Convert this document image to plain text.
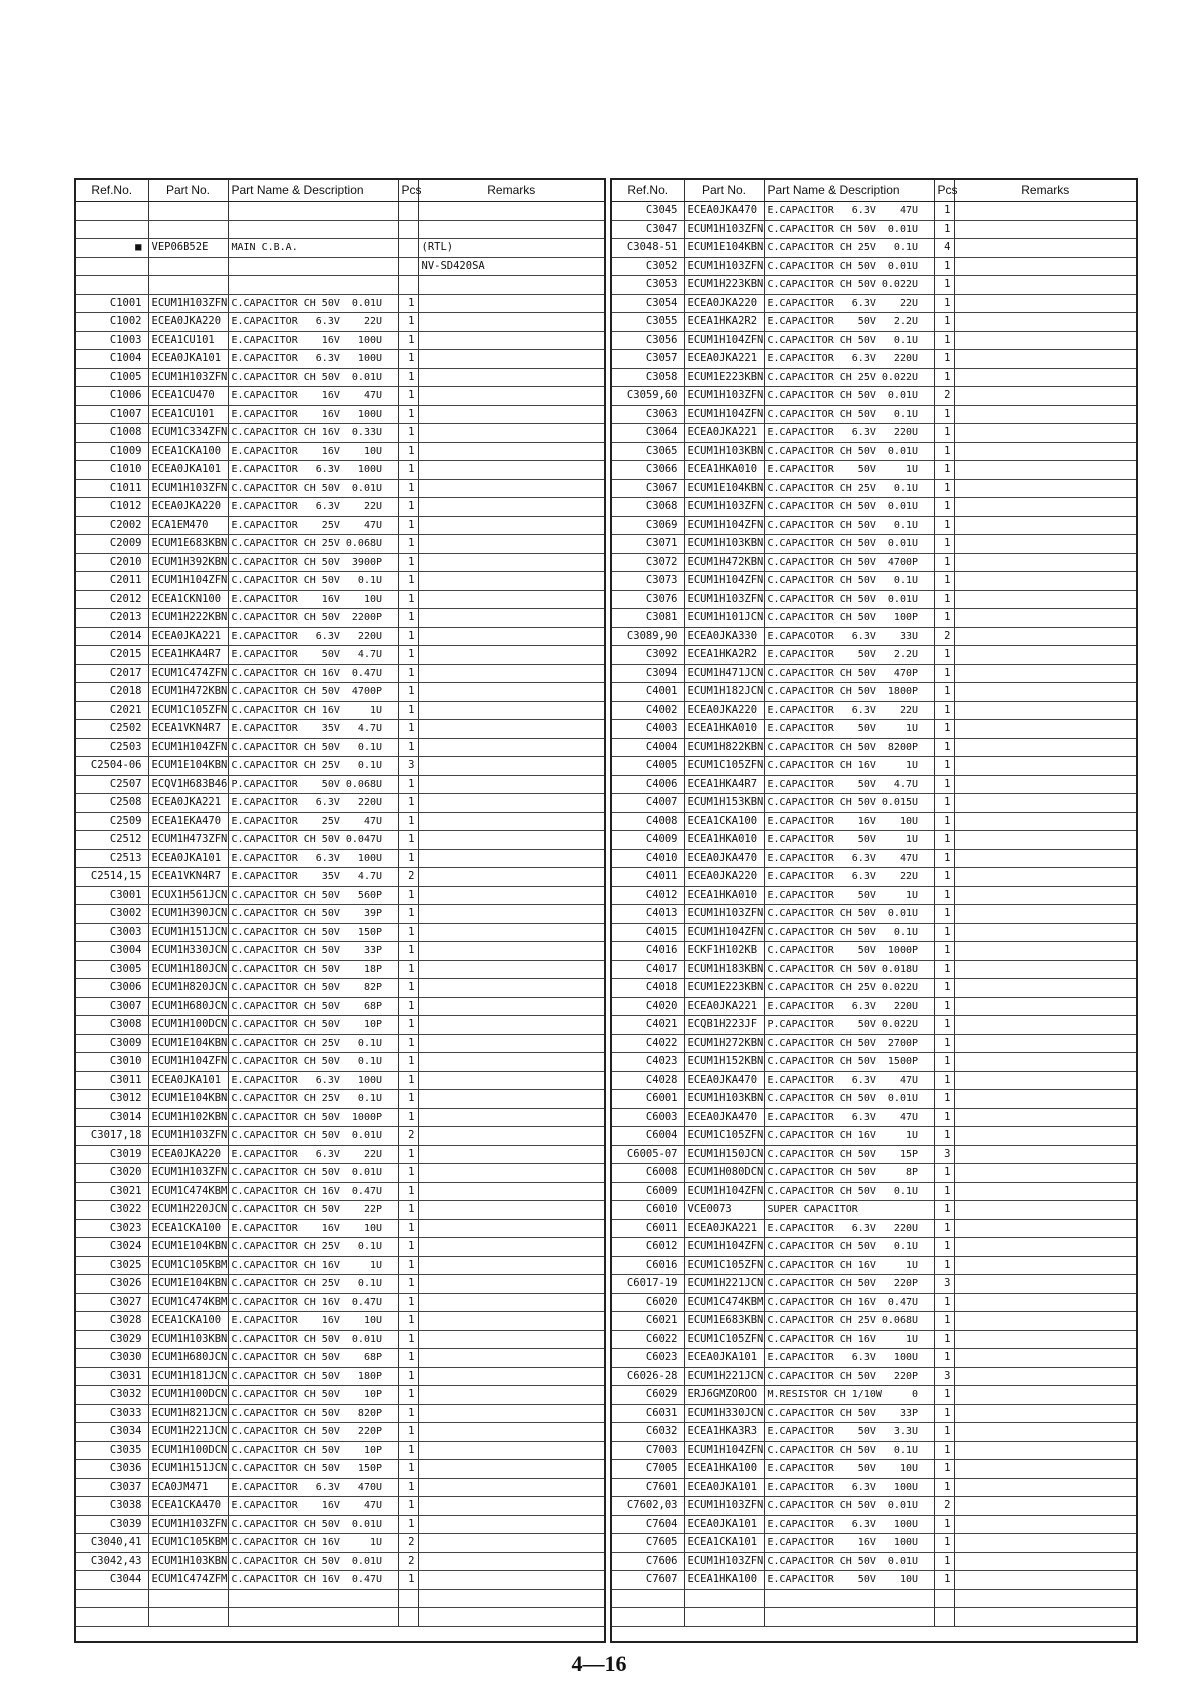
Ref.No.	Part No.	Part Name & Description	Pcs	Remarks

■	VEP06B52E	MAIN C.B.A.		(RTL)
				NV-SD420SA

C1001	ECUM1H103ZFN	C.CAPACITOR CH 50V  0.01U	1	
C1002	ECEA0JKA220	E.CAPACITOR   6.3V    22U	1	
C1003	ECEA1CU101	E.CAPACITOR    16V   100U	1	
C1004	ECEA0JKA101	E.CAPACITOR   6.3V   100U	1	
C1005	ECUM1H103ZFN	C.CAPACITOR CH 50V  0.01U	1	
C1006	ECEA1CU470	E.CAPACITOR    16V    47U	1	
C1007	ECEA1CU101	E.CAPACITOR    16V   100U	1	
C1008	ECUM1C334ZFN	C.CAPACITOR CH 16V  0.33U	1	
C1009	ECEA1CKA100	E.CAPACITOR    16V    10U	1	
C1010	ECEA0JKA101	E.CAPACITOR   6.3V   100U	1	
C1011	ECUM1H103ZFN	C.CAPACITOR CH 50V  0.01U	1	
C1012	ECEA0JKA220	E.CAPACITOR   6.3V    22U	1	
C2002	ECA1EM470	E.CAPACITOR    25V    47U	1	
C2009	ECUM1E683KBN	C.CAPACITOR CH 25V 0.068U	1	
C2010	ECUM1H392KBN	C.CAPACITOR CH 50V  3900P	1	
C2011	ECUM1H104ZFN	C.CAPACITOR CH 50V   0.1U	1	
C2012	ECEA1CKN100	E.CAPACITOR    16V    10U	1	
C2013	ECUM1H222KBN	C.CAPACITOR CH 50V  2200P	1	
C2014	ECEA0JKA221	E.CAPACITOR   6.3V   220U	1	
C2015	ECEA1HKA4R7	E.CAPACITOR    50V   4.7U	1	
C2017	ECUM1C474ZFN	C.CAPACITOR CH 16V  0.47U	1	
C2018	ECUM1H472KBN	C.CAPACITOR CH 50V  4700P	1	
C2021	ECUM1C105ZFN	C.CAPACITOR CH 16V     1U	1	
C2502	ECEA1VKN4R7	E.CAPACITOR    35V   4.7U	1	
C2503	ECUM1H104ZFN	C.CAPACITOR CH 50V   0.1U	1	
C2504-06	ECUM1E104KBN	C.CAPACITOR CH 25V   0.1U	3	
C2507	ECQV1H683B46	P.CAPACITOR    50V 0.068U	1	
C2508	ECEA0JKA221	E.CAPACITOR   6.3V   220U	1	
C2509	ECEA1EKA470	E.CAPACITOR    25V    47U	1	
C2512	ECUM1H473ZFN	C.CAPACITOR CH 50V 0.047U	1	
C2513	ECEA0JKA101	E.CAPACITOR   6.3V   100U	1	
C2514,15	ECEA1VKN4R7	E.CAPACITOR    35V   4.7U	2	
C3001	ECUX1H561JCN	C.CAPACITOR CH 50V   560P	1	
C3002	ECUM1H390JCN	C.CAPACITOR CH 50V    39P	1	
C3003	ECUM1H151JCN	C.CAPACITOR CH 50V   150P	1	
C3004	ECUM1H330JCN	C.CAPACITOR CH 50V    33P	1	
C3005	ECUM1H180JCN	C.CAPACITOR CH 50V    18P	1	
C3006	ECUM1H820JCN	C.CAPACITOR CH 50V    82P	1	
C3007	ECUM1H680JCN	C.CAPACITOR CH 50V    68P	1	
C3008	ECUM1H100DCN	C.CAPACITOR CH 50V    10P	1	
C3009	ECUM1E104KBN	C.CAPACITOR CH 25V   0.1U	1	
C3010	ECUM1H104ZFN	C.CAPACITOR CH 50V   0.1U	1	
C3011	ECEA0JKA101	E.CAPACITOR   6.3V   100U	1	
C3012	ECUM1E104KBN	C.CAPACITOR CH 25V   0.1U	1	
C3014	ECUM1H102KBN	C.CAPACITOR CH 50V  1000P	1	
C3017,18	ECUM1H103ZFN	C.CAPACITOR CH 50V  0.01U	2	
C3019	ECEA0JKA220	E.CAPACITOR   6.3V    22U	1	
C3020	ECUM1H103ZFN	C.CAPACITOR CH 50V  0.01U	1	
C3021	ECUM1C474KBM	C.CAPACITOR CH 16V  0.47U	1	
C3022	ECUM1H220JCN	C.CAPACITOR CH 50V    22P	1	
C3023	ECEA1CKA100	E.CAPACITOR    16V    10U	1	
C3024	ECUM1E104KBN	C.CAPACITOR CH 25V   0.1U	1	
C3025	ECUM1C105KBM	C.CAPACITOR CH 16V     1U	1	
C3026	ECUM1E104KBN	C.CAPACITOR CH 25V   0.1U	1	
C3027	ECUM1C474KBM	C.CAPACITOR CH 16V  0.47U	1	
C3028	ECEA1CKA100	E.CAPACITOR    16V    10U	1	
C3029	ECUM1H103KBN	C.CAPACITOR CH 50V  0.01U	1	
C3030	ECUM1H680JCN	C.CAPACITOR CH 50V    68P	1	
C3031	ECUM1H181JCN	C.CAPACITOR CH 50V   180P	1	
C3032	ECUM1H100DCN	C.CAPACITOR CH 50V    10P	1	
C3033	ECUM1H821JCN	C.CAPACITOR CH 50V   820P	1	
C3034	ECUM1H221JCN	C.CAPACITOR CH 50V   220P	1	
C3035	ECUM1H100DCN	C.CAPACITOR CH 50V    10P	1	
C3036	ECUM1H151JCN	C.CAPACITOR CH 50V   150P	1	
C3037	ECA0JM471	E.CAPACITOR   6.3V   470U	1	
C3038	ECEA1CKA470	E.CAPACITOR    16V    47U	1	
C3039	ECUM1H103ZFN	C.CAPACITOR CH 50V  0.01U	1	
C3040,41	ECUM1C105KBM	C.CAPACITOR CH 16V     1U	2	
C3042,43	ECUM1H103KBN	C.CAPACITOR CH 50V  0.01U	2	
C3044	ECUM1C474ZFM	C.CAPACITOR CH 16V  0.47U	1	

Ref.No.	Part No.	Part Name & Description	Pcs	Remarks
C3045	ECEA0JKA470	E.CAPACITOR   6.3V    47U	1	
C3047	ECUM1H103ZFN	C.CAPACITOR CH 50V  0.01U	1	
C3048-51	ECUM1E104KBN	C.CAPACITOR CH 25V   0.1U	4	
C3052	ECUM1H103ZFN	C.CAPACITOR CH 50V  0.01U	1	
C3053	ECUM1H223KBN	C.CAPACITOR CH 50V 0.022U	1	
C3054	ECEA0JKA220	E.CAPACITOR   6.3V    22U	1	
C3055	ECEA1HKA2R2	E.CAPACITOR    50V   2.2U	1	
C3056	ECUM1H104ZFN	C.CAPACITOR CH 50V   0.1U	1	
C3057	ECEA0JKA221	E.CAPACITOR   6.3V   220U	1	
C3058	ECUM1E223KBN	C.CAPACITOR CH 25V 0.022U	1	
C3059,60	ECUM1H103ZFN	C.CAPACITOR CH 50V  0.01U	2	
C3063	ECUM1H104ZFN	C.CAPACITOR CH 50V   0.1U	1	
C3064	ECEA0JKA221	E.CAPACITOR   6.3V   220U	1	
C3065	ECUM1H103KBN	C.CAPACITOR CH 50V  0.01U	1	
C3066	ECEA1HKA010	E.CAPACITOR    50V     1U	1	
C3067	ECUM1E104KBN	C.CAPACITOR CH 25V   0.1U	1	
C3068	ECUM1H103ZFN	C.CAPACITOR CH 50V  0.01U	1	
C3069	ECUM1H104ZFN	C.CAPACITOR CH 50V   0.1U	1	
C3071	ECUM1H103KBN	C.CAPACITOR CH 50V  0.01U	1	
C3072	ECUM1H472KBN	C.CAPACITOR CH 50V  4700P	1	
C3073	ECUM1H104ZFN	C.CAPACITOR CH 50V   0.1U	1	
C3076	ECUM1H103ZFN	C.CAPACITOR CH 50V  0.01U	1	
C3081	ECUM1H101JCN	C.CAPACITOR CH 50V   100P	1	
C3089,90	ECEA0JKA330	E.CAPACOTOR   6.3V    33U	2	
C3092	ECEA1HKA2R2	E.CAPACITOR    50V   2.2U	1	
C3094	ECUM1H471JCN	C.CAPACITOR CH 50V   470P	1	
C4001	ECUM1H182JCN	C.CAPACITOR CH 50V  1800P	1	
C4002	ECEA0JKA220	E.CAPACITOR   6.3V    22U	1	
C4003	ECEA1HKA010	E.CAPACITOR    50V     1U	1	
C4004	ECUM1H822KBN	C.CAPACITOR CH 50V  8200P	1	
C4005	ECUM1C105ZFN	C.CAPACITOR CH 16V     1U	1	
C4006	ECEA1HKA4R7	E.CAPACITOR    50V   4.7U	1	
C4007	ECUM1H153KBN	C.CAPACITOR CH 50V 0.015U	1	
C4008	ECEA1CKA100	E.CAPACITOR    16V    10U	1	
C4009	ECEA1HKA010	E.CAPACITOR    50V     1U	1	
C4010	ECEA0JKA470	E.CAPACITOR   6.3V    47U	1	
C4011	ECEA0JKA220	E.CAPACITOR   6.3V    22U	1	
C4012	ECEA1HKA010	E.CAPACITOR    50V     1U	1	
C4013	ECUM1H103ZFN	C.CAPACITOR CH 50V  0.01U	1	
C4015	ECUM1H104ZFN	C.CAPACITOR CH 50V   0.1U	1	
C4016	ECKF1H102KB	C.CAPACITOR    50V  1000P	1	
C4017	ECUM1H183KBN	C.CAPACITOR CH 50V 0.018U	1	
C4018	ECUM1E223KBN	C.CAPACITOR CH 25V 0.022U	1	
C4020	ECEA0JKA221	E.CAPACITOR   6.3V   220U	1	
C4021	ECQB1H223JF	P.CAPACITOR    50V 0.022U	1	
C4022	ECUM1H272KBN	C.CAPACITOR CH 50V  2700P	1	
C4023	ECUM1H152KBN	C.CAPACITOR CH 50V  1500P	1	
C4028	ECEA0JKA470	E.CAPACITOR   6.3V    47U	1	
C6001	ECUM1H103KBN	C.CAPACITOR CH 50V  0.01U	1	
C6003	ECEA0JKA470	E.CAPACITOR   6.3V    47U	1	
C6004	ECUM1C105ZFN	C.CAPACITOR CH 16V     1U	1	
C6005-07	ECUM1H150JCN	C.CAPACITOR CH 50V    15P	3	
C6008	ECUM1H080DCN	C.CAPACITOR CH 50V     8P	1	
C6009	ECUM1H104ZFN	C.CAPACITOR CH 50V   0.1U	1	
C6010	VCE0073	SUPER CAPACITOR	1	
C6011	ECEA0JKA221	E.CAPACITOR   6.3V   220U	1	
C6012	ECUM1H104ZFN	C.CAPACITOR CH 50V   0.1U	1	
C6016	ECUM1C105ZFN	C.CAPACITOR CH 16V     1U	1	
C6017-19	ECUM1H221JCN	C.CAPACITOR CH 50V   220P	3	
C6020	ECUM1C474KBM	C.CAPACITOR CH 16V  0.47U	1	
C6021	ECUM1E683KBN	C.CAPACITOR CH 25V 0.068U	1	
C6022	ECUM1C105ZFN	C.CAPACITOR CH 16V     1U	1	
C6023	ECEA0JKA101	E.CAPACITOR   6.3V   100U	1	
C6026-28	ECUM1H221JCN	C.CAPACITOR CH 50V   220P	3	
C6029	ERJ6GMZOROO	M.RESISTOR CH 1/10W     0	1	
C6031	ECUM1H330JCN	C.CAPACITOR CH 50V    33P	1	
C6032	ECEA1HKA3R3	E.CAPACITOR    50V   3.3U	1	
C7003	ECUM1H104ZFN	C.CAPACITOR CH 50V   0.1U	1	
C7005	ECEA1HKA100	E.CAPACITOR    50V    10U	1	
C7601	ECEA0JKA101	E.CAPACITOR   6.3V   100U	1	
C7602,03	ECUM1H103ZFN	C.CAPACITOR CH 50V  0.01U	2	
C7604	ECEA0JKA101	E.CAPACITOR   6.3V   100U	1	
C7605	ECEA1CKA101	E.CAPACITOR    16V   100U	1	
C7606	ECUM1H103ZFN	C.CAPACITOR CH 50V  0.01U	1	
C7607	ECEA1HKA100	E.CAPACITOR    50V    10U	1	

4—16
